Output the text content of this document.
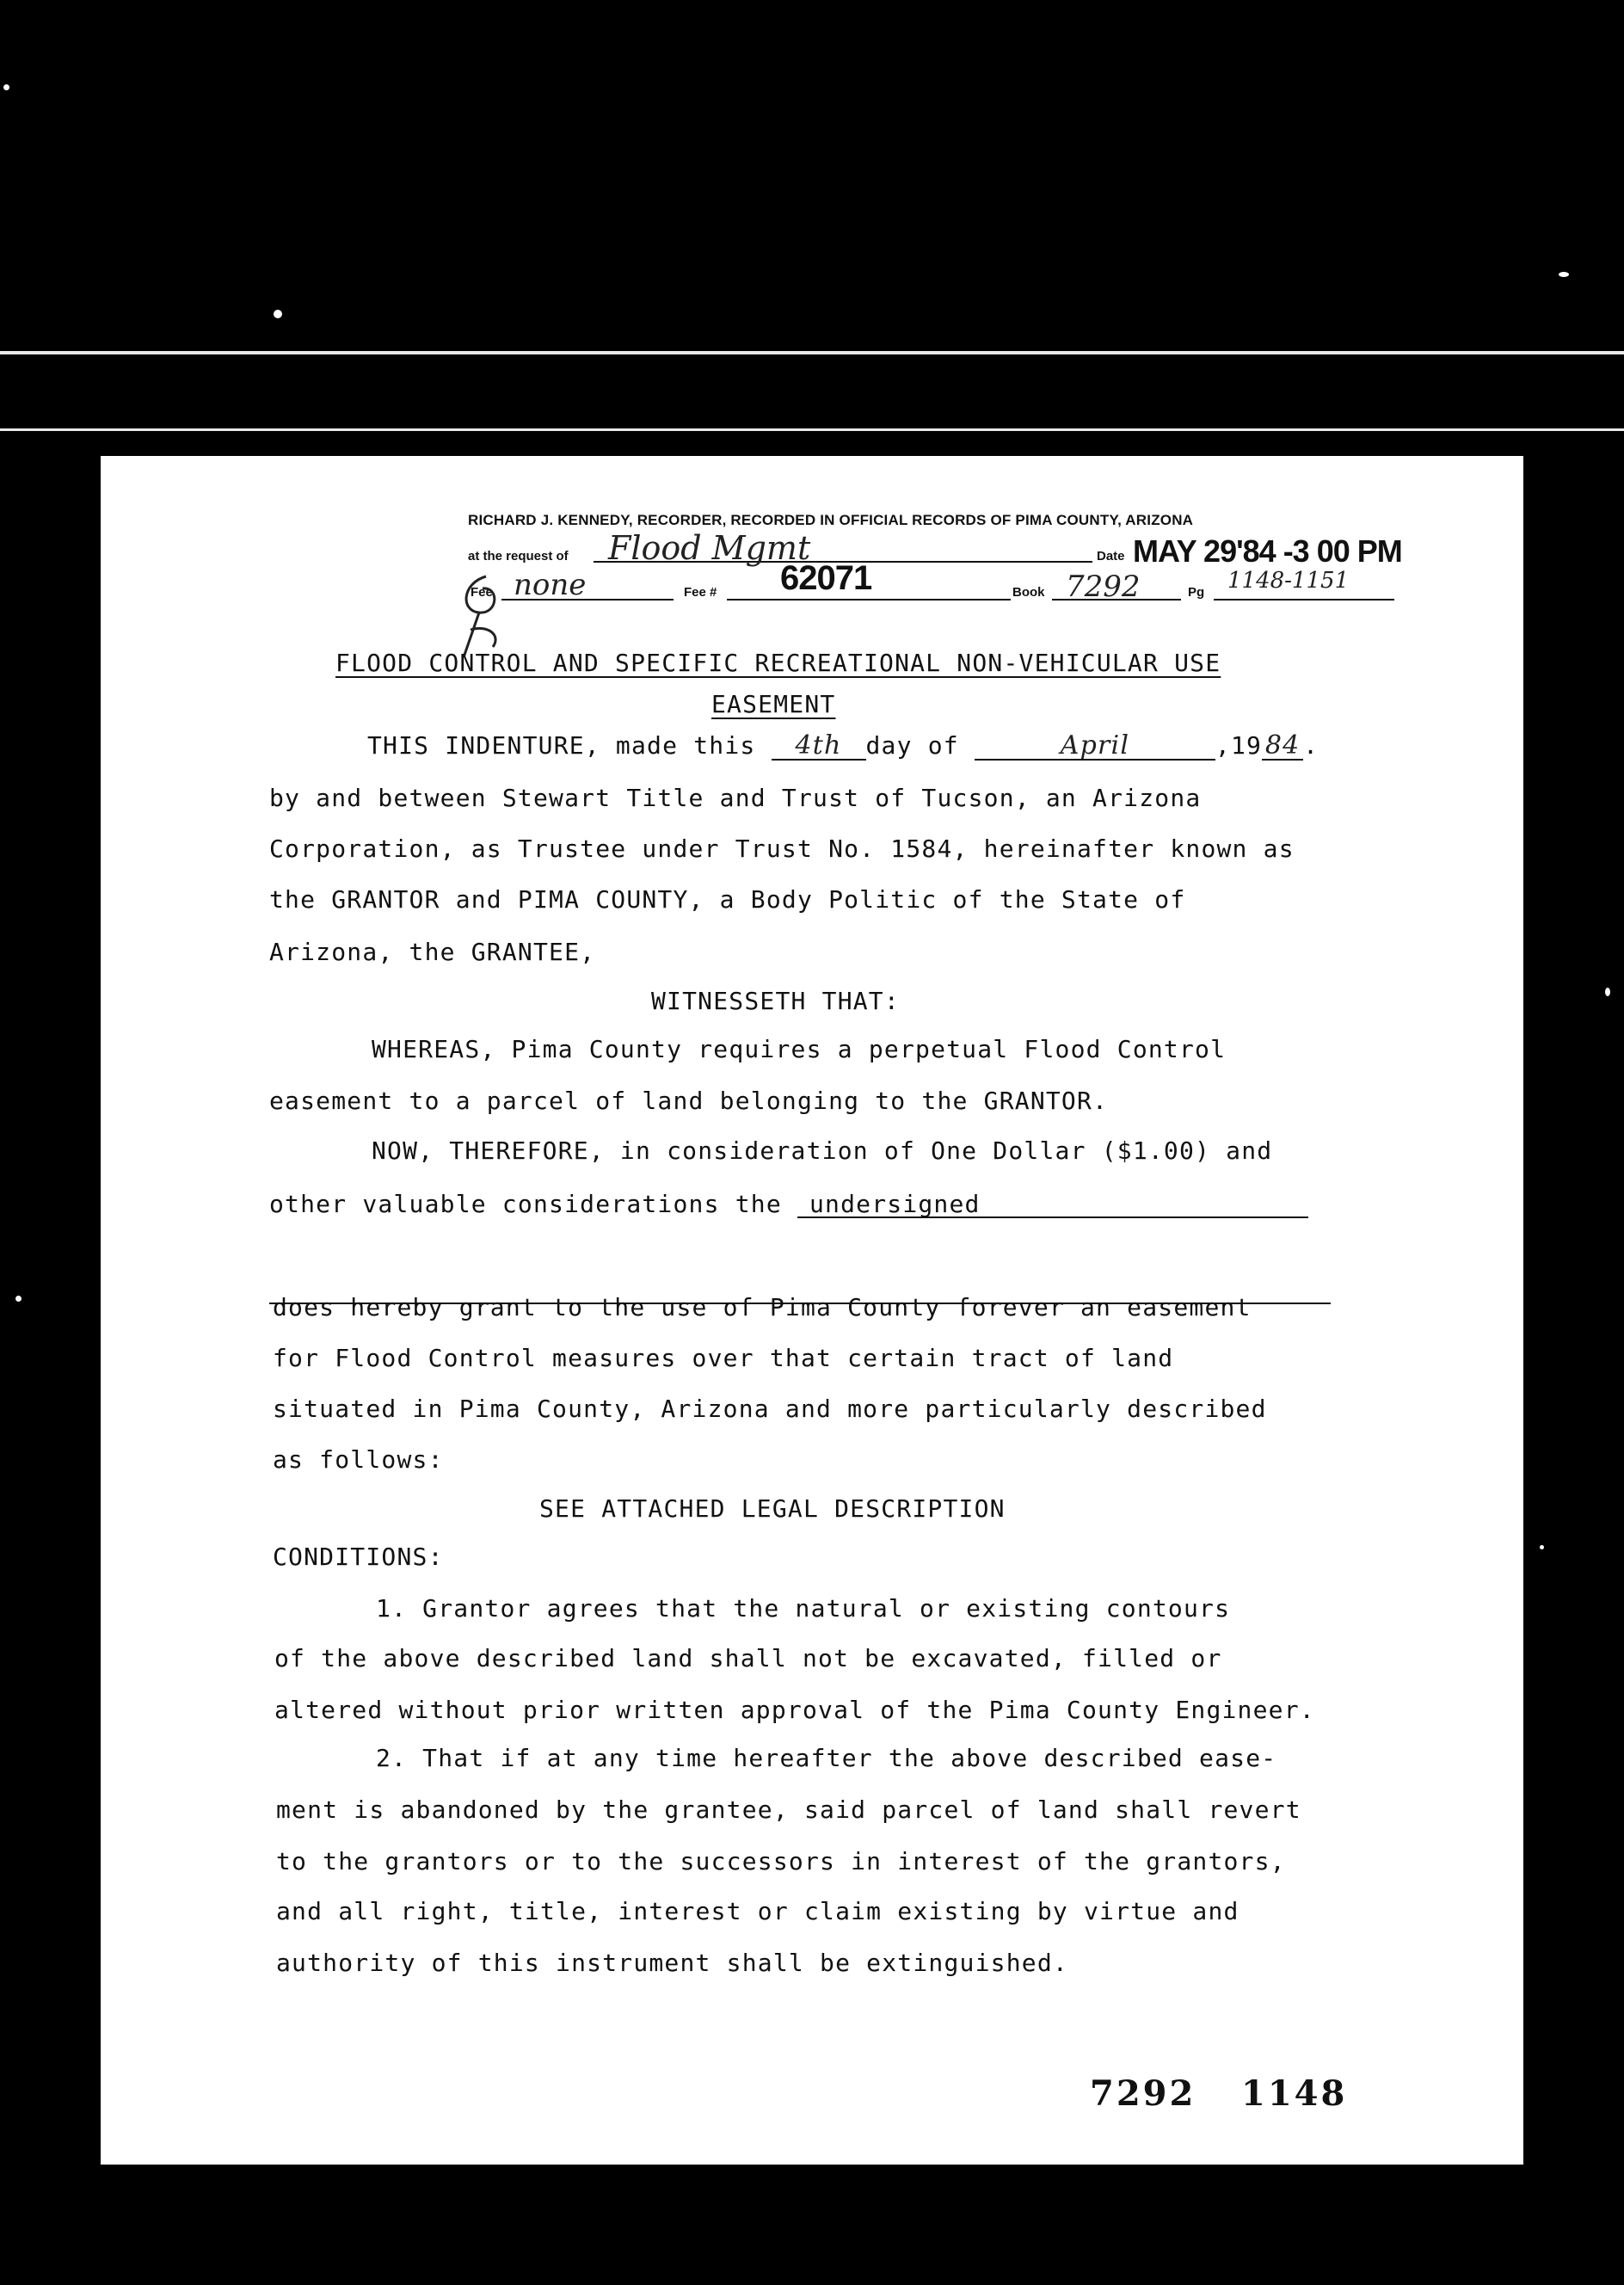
RICHARD J. KENNEDY, RECORDER, RECORDED IN OFFICIAL RECORDS OF PIMA COUNTY, ARIZONA
at the request of Flood Mgmt	Date MAY 29'84 -3 00 PM
Fee none	Fee # 62071	Book 7292	Pg 1148-1151
FLOOD CONTROL AND SPECIFIC RECREATIONAL NON-VEHICULAR USE
EASEMENT
THIS INDENTURE, made this 4th day of	April	,19 84 .
by and between Stewart Title and Trust of Tucson, an Arizona
Corporation, as Trustee under Trust No. 1584, hereinafter known as
the GRANTOR and PIMA COUNTY, a Body Politic of the State of
Arizona, the GRANTEE,
WITNESSETH THAT:
WHEREAS, Pima County requires a perpetual Flood Control
easement to a parcel of land belonging to the GRANTOR.
NOW, THEREFORE, in consideration of One Dollar ($1.00) and
other valuable considerations the undersigned
does hereby grant to the use of Pima County forever an easement
for Flood Control measures over that certain tract of land
situated in Pima County, Arizona and more particularly described
as follows:
SEE ATTACHED LEGAL DESCRIPTION
CONDITIONS:
1. Grantor agrees that the natural or existing contours
of the above described land shall not be excavated, filled or
altered without prior written approval of the Pima County Engineer.
2. That if at any time hereafter the above described ease-
ment is abandoned by the grantee, said parcel of land shall revert
to the grantors or to the successors in interest of the grantors,
and all right, title, interest or claim existing by virtue and
authority of this instrument shall be extinguished.
7292 1148
